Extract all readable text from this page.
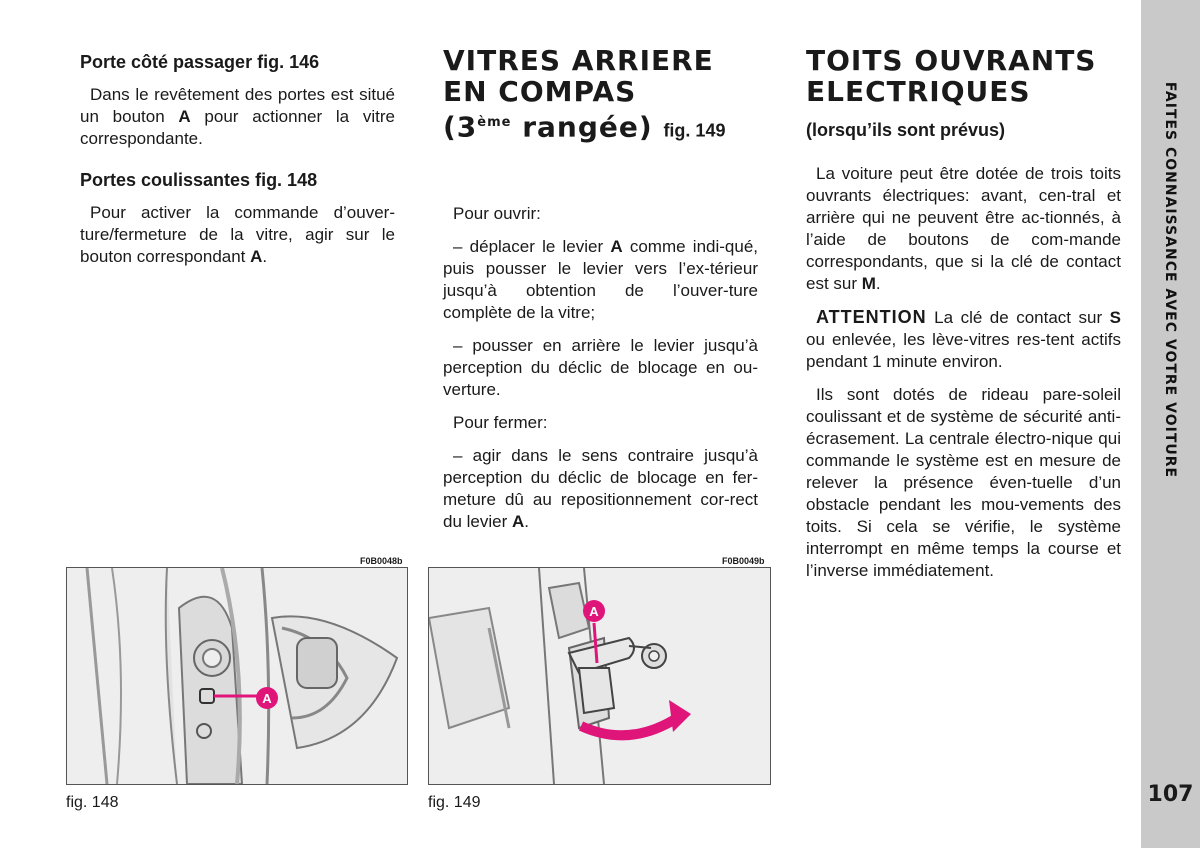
Porte côté passager fig. 146

Dans le revêtement des portes est situé un bouton A pour actionner la vitre correspondante.

Portes coulissantes fig. 148

Pour activer la commande d’ouver-ture/fermeture de la vitre, agir sur le bouton correspondant A.

VITRES ARRIERE
EN COMPAS
(3ème rangée) fig. 149

Pour ouvrir:

– déplacer le levier A comme indi-qué, puis pousser le levier vers l’ex-térieur jusqu’à obtention de l’ouver-ture complète de la vitre;

– pousser en arrière le levier jusqu’à perception du déclic de blocage en ou-verture.

Pour fermer:

– agir dans le sens contraire jusqu’à perception du déclic de blocage en fer-meture dû au repositionnement cor-rect du levier A.

TOITS OUVRANTS
ELECTRIQUES
(lorsqu’ils sont prévus)

La voiture peut être dotée de trois toits ouvrants électriques: avant, cen-tral et arrière qui ne peuvent être ac-tionnés, à l’aide de boutons de com-mande correspondants, que si la clé de contact est sur M.

ATTENTION La clé de contact sur S ou enlevée, les lève-vitres res-tent actifs pendant 1 minute environ.

Ils sont dotés de rideau pare-soleil coulissant et de système de sécurité anti-écrasement. La centrale électro-nique qui commande le système est en mesure de relever la présence éven-tuelle d’un obstacle pendant les mou-vements des toits. Si cela se vérifie, le système interrompt en même temps la course et l’inverse immédiatement.

F0B0048b
A
fig. 148
F0B0049b
A
fig. 149
FAITES CONNAISSANCE AVEC VOTRE VOITURE
107
